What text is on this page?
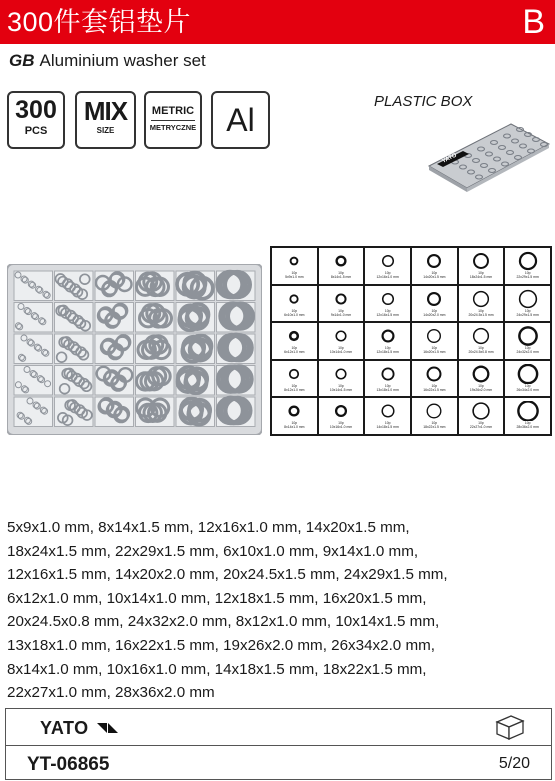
300件套铝垫片	B
GB Aluminium washer set
300
PCS
MIX
SIZE
METRIC
METRYCZNE Al
PLASTIC BOX
YATO
10p
5x9x1.0 mm
10p
8x14x1.5 mm
10p
12x16x1.0 mm
10p
14x20x1.5 mm
10p
18x24x1.5 mm
10p
22x29x1.5 mm
10p
6x10x1.0 mm
10p
9x14x1.0 mm
10p
12x16x1.5 mm
10p
14x20x2.0 mm
10p
20x24.5x1.5 mm
10p
24x29x1.5 mm
10p
6x12x1.0 mm
10p
10x14x1.0 mm
10p
12x18x1.5 mm
10p
16x20x1.5 mm
10p
20x24.5x0.8 mm
10p
24x32x2.0 mm
10p
8x12x1.0 mm
10p
10x14x1.5 mm
10p
13x18x1.0 mm
10p
16x22x1.5 mm
10p
19x26x2.0 mm
10p
26x34x2.0 mm
10p
8x14x1.0 mm
10p
10x16x1.0 mm
10p
14x18x1.5 mm
10p
18x22x1.5 mm
10p
22x27x1.0 mm
10p
28x36x2.0 mm
5x9x1.0 mm, 8x14x1.5 mm, 12x16x1.0 mm, 14x20x1.5 mm,
18x24x1.5 mm, 22x29x1.5 mm, 6x10x1.0 mm, 9x14x1.0 mm,
12x16x1.5 mm, 14x20x2.0 mm, 20x24.5x1.5 mm, 24x29x1.5 mm,
6x12x1.0 mm, 10x14x1.0 mm, 12x18x1.5 mm, 16x20x1.5 mm,
20x24.5x0.8 mm, 24x32x2.0 mm, 8x12x1.0 mm, 10x14x1.5 mm,
13x18x1.0 mm, 16x22x1.5 mm, 19x26x2.0 mm, 26x34x2.0 mm,
8x14x1.0 mm, 10x16x1.0 mm, 14x18x1.5 mm, 18x22x1.5 mm,
22x27x1.0 mm, 28x36x2.0 mm
YATO
YT-06865	5/20
